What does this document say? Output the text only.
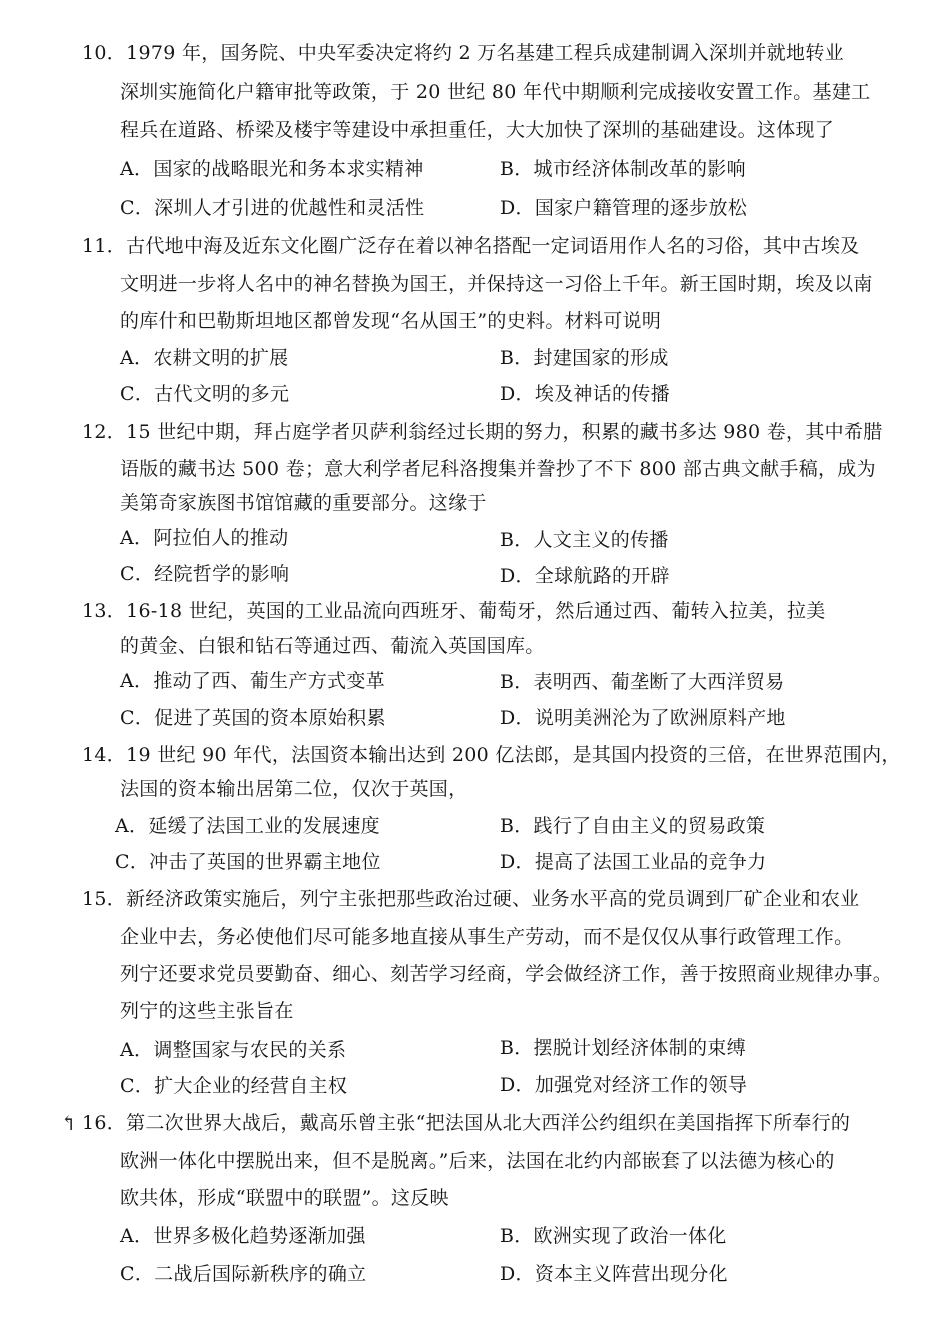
↰
10．1979 年，国务院、中央军委决定将约 2 万名基建工程兵成建制调入深圳并就地转业
深圳实施简化户籍审批等政策，于 20 世纪 80 年代中期顺利完成接收安置工作。基建工
程兵在道路、桥梁及楼宇等建设中承担重任，大大加快了深圳的基础建设。这体现了
A．国家的战略眼光和务本求实精神	B．城市经济体制改革的影响
C．深圳人才引进的优越性和灵活性	D．国家户籍管理的逐步放松
11．古代地中海及近东文化圈广泛存在着以神名搭配一定词语用作人名的习俗，其中古埃及
文明进一步将人名中的神名替换为国王，并保持这一习俗上千年。新王国时期，埃及以南
的库什和巴勒斯坦地区都曾发现“名从国王”的史料。材料可说明
A．农耕文明的扩展	B．封建国家的形成
C．古代文明的多元	D．埃及神话的传播
12．15 世纪中期，拜占庭学者贝萨利翁经过长期的努力，积累的藏书多达 980 卷，其中希腊
语版的藏书达 500 卷；意大利学者尼科洛搜集并誊抄了不下 800 部古典文献手稿，成为
美第奇家族图书馆馆藏的重要部分。这缘于
A．阿拉伯人的推动	B．人文主义的传播
C．经院哲学的影响	D．全球航路的开辟
13．16-18 世纪，英国的工业品流向西班牙、葡萄牙，然后通过西、葡转入拉美，拉美
的黄金、白银和钻石等通过西、葡流入英国国库。
A．推动了西、葡生产方式变革	B．表明西、葡垄断了大西洋贸易
C．促进了英国的资本原始积累	D．说明美洲沦为了欧洲原料产地
14．19 世纪 90 年代，法国资本输出达到 200 亿法郎，是其国内投资的三倍，在世界范围内，
法国的资本输出居第二位，仅次于英国，
A．延缓了法国工业的发展速度	B．践行了自由主义的贸易政策
C．冲击了英国的世界霸主地位	D．提高了法国工业品的竞争力
15．新经济政策实施后，列宁主张把那些政治过硬、业务水平高的党员调到厂矿企业和农业
企业中去，务必使他们尽可能多地直接从事生产劳动，而不是仅仅从事行政管理工作。
列宁还要求党员要勤奋、细心、刻苦学习经商，学会做经济工作，善于按照商业规律办事。
列宁的这些主张旨在
A．调整国家与农民的关系	B．摆脱计划经济体制的束缚
C．扩大企业的经营自主权	D．加强党对经济工作的领导
16．第二次世界大战后，戴高乐曾主张“把法国从北大西洋公约组织在美国指挥下所奉行的
欧洲一体化中摆脱出来，但不是脱离。”后来，法国在北约内部嵌套了以法德为核心的
欧共体，形成“联盟中的联盟”。这反映
A．世界多极化趋势逐渐加强	B．欧洲实现了政治一体化
C．二战后国际新秩序的确立	D．资本主义阵营出现分化
